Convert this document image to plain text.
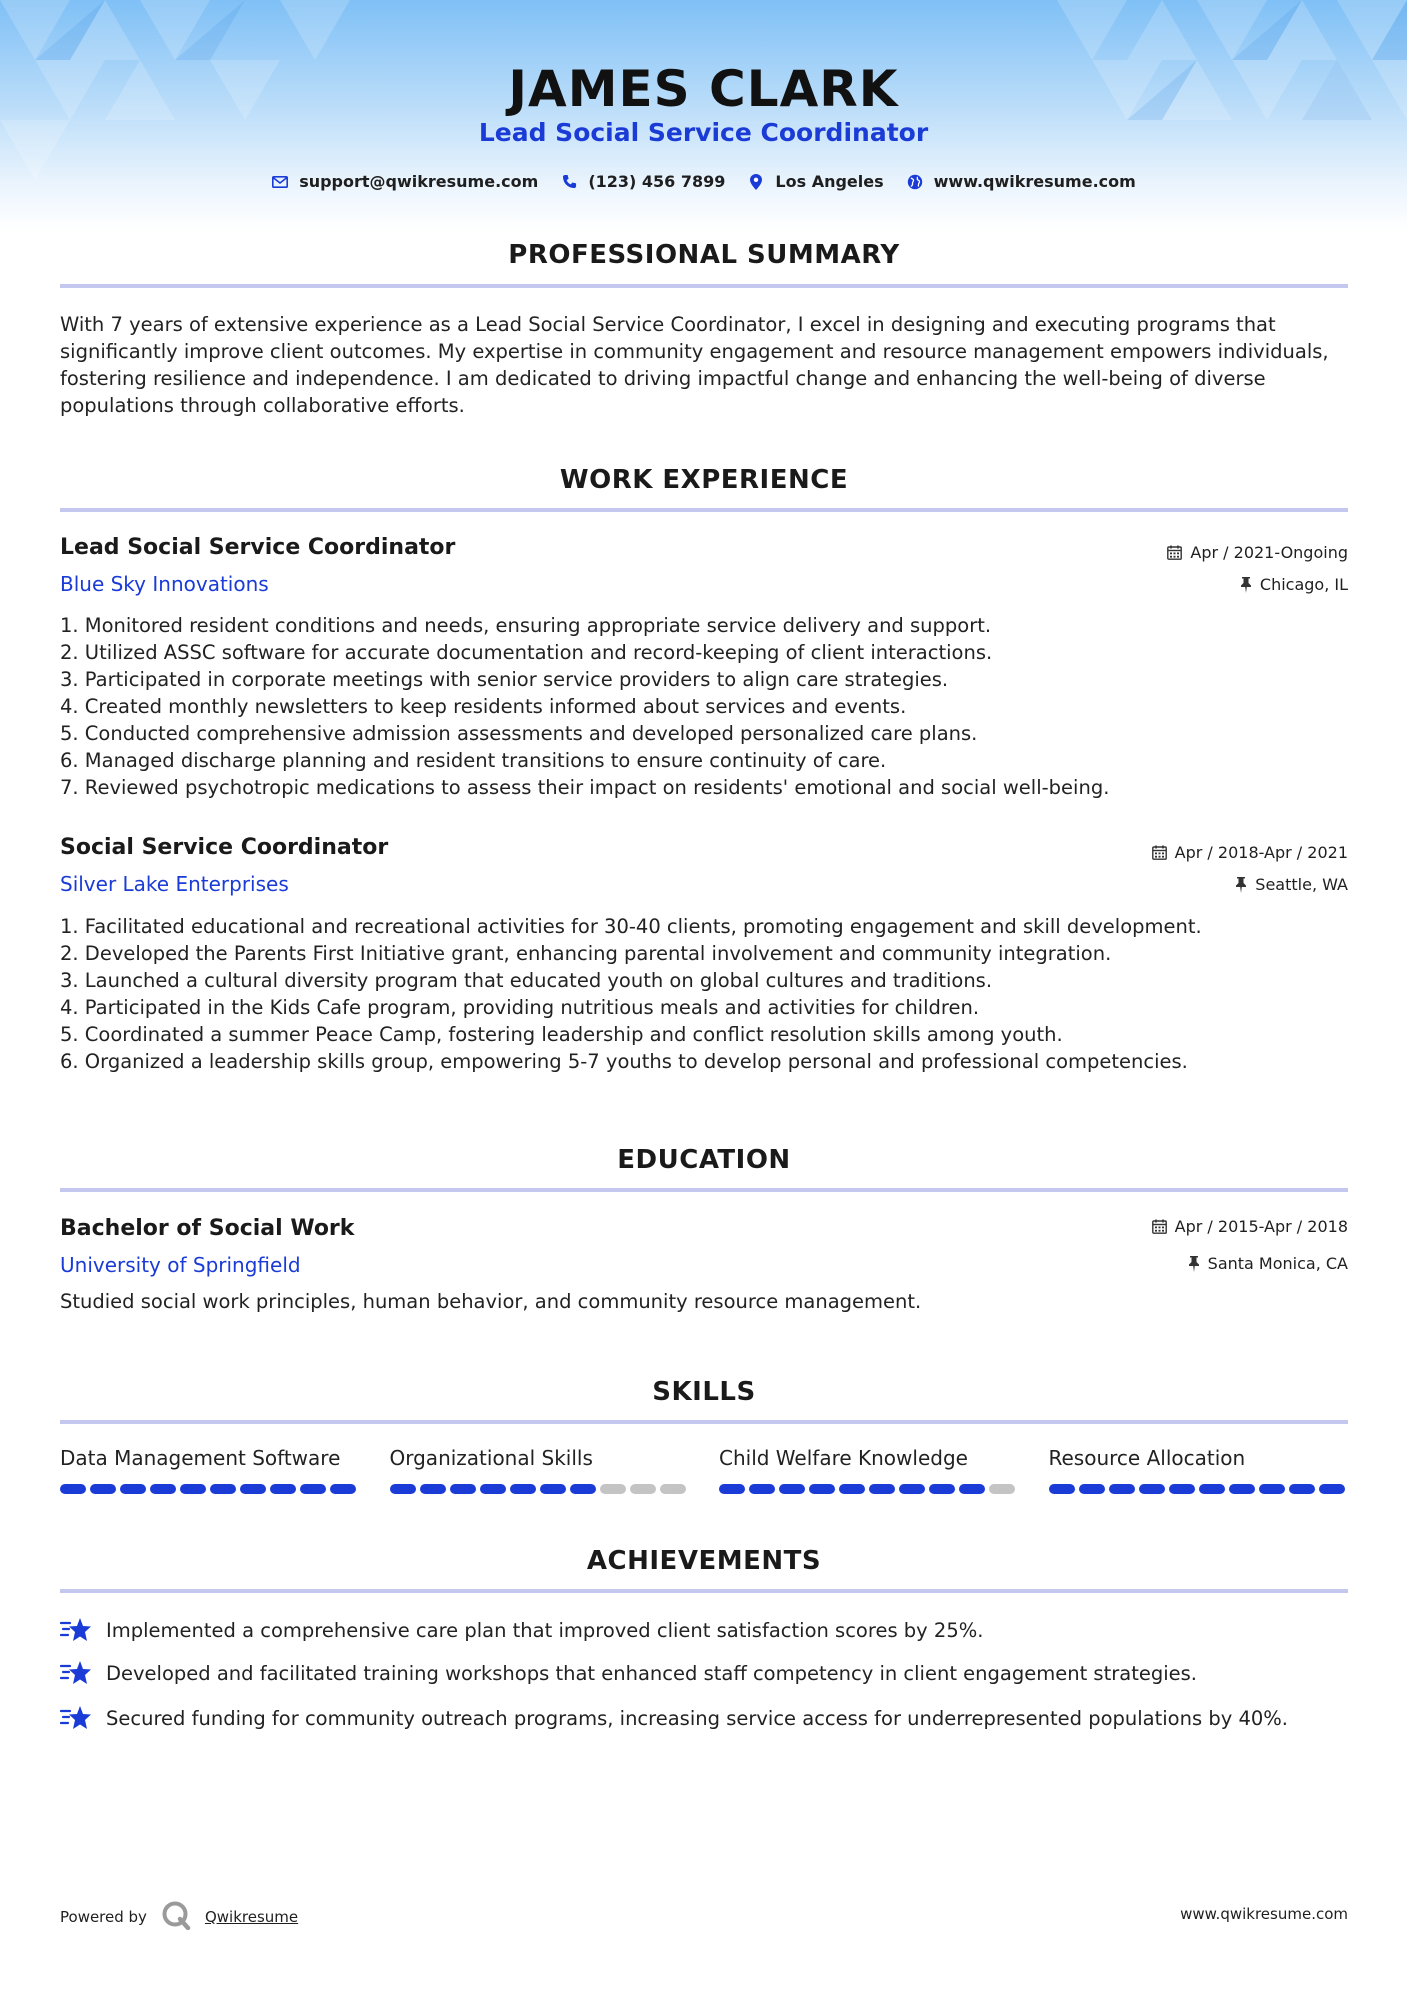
JAMES CLARK
Lead Social Service Coordinator
support@qwikresume.com	(123) 456 7899	Los Angeles	www.qwikresume.com
PROFESSIONAL SUMMARY
With 7 years of extensive experience as a Lead Social Service Coordinator, I excel in designing and executing programs that significantly improve client outcomes. My expertise in community engagement and resource management empowers individuals, fostering resilience and independence. I am dedicated to driving impactful change and enhancing the well-being of diverse populations through collaborative efforts.
WORK EXPERIENCE
Lead Social Service Coordinator	Apr / 2021-Ongoing
Blue Sky Innovations	Chicago, IL
1. Monitored resident conditions and needs, ensuring appropriate service delivery and support.
2. Utilized ASSC software for accurate documentation and record-keeping of client interactions.
3. Participated in corporate meetings with senior service providers to align care strategies.
4. Created monthly newsletters to keep residents informed about services and events.
5. Conducted comprehensive admission assessments and developed personalized care plans.
6. Managed discharge planning and resident transitions to ensure continuity of care.
7. Reviewed psychotropic medications to assess their impact on residents' emotional and social well-being.
Social Service Coordinator	Apr / 2018-Apr / 2021
Silver Lake Enterprises	Seattle, WA
1. Facilitated educational and recreational activities for 30-40 clients, promoting engagement and skill development.
2. Developed the Parents First Initiative grant, enhancing parental involvement and community integration.
3. Launched a cultural diversity program that educated youth on global cultures and traditions.
4. Participated in the Kids Cafe program, providing nutritious meals and activities for children.
5. Coordinated a summer Peace Camp, fostering leadership and conflict resolution skills among youth.
6. Organized a leadership skills group, empowering 5-7 youths to develop personal and professional competencies.
EDUCATION
Bachelor of Social Work	Apr / 2015-Apr / 2018
University of Springfield	Santa Monica, CA
Studied social work principles, human behavior, and community resource management.
SKILLS
Data Management Software	Organizational Skills	Child Welfare Knowledge	Resource Allocation
ACHIEVEMENTS
Implemented a comprehensive care plan that improved client satisfaction scores by 25%.
Developed and facilitated training workshops that enhanced staff competency in client engagement strategies.
Secured funding for community outreach programs, increasing service access for underrepresented populations by 40%.
Powered by	Qwikresume	www.qwikresume.com
